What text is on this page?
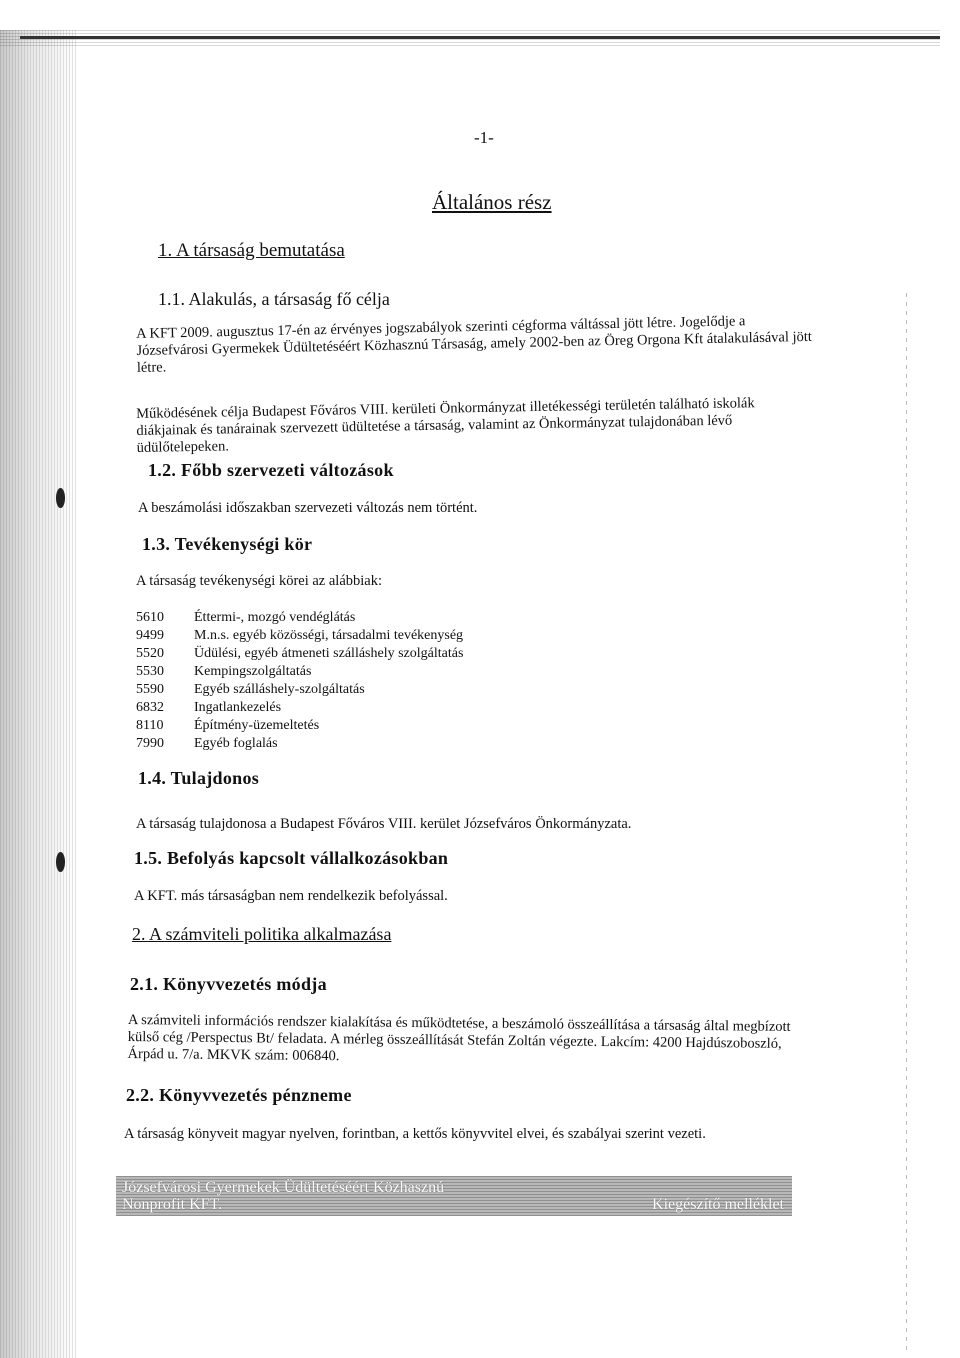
-1-
Általános rész
1. A társaság bemutatása
1.1. Alakulás, a társaság fő célja
A KFT 2009. augusztus 17-én az érvényes jogszabályok szerinti cégforma váltással jött létre. Jogelődje a Józsefvárosi Gyermekek Üdültetéséért Közhasznú Társaság, amely 2002-ben az Öreg Orgona Kft átalakulásával jött létre.
Működésének célja Budapest Főváros VIII. kerületi Önkormányzat illetékességi területén található iskolák diákjainak és tanárainak szervezett üdültetése a társaság, valamint az Önkormányzat tulajdonában lévő üdülőtelepeken.
1.2. Főbb szervezeti változások
A beszámolási időszakban szervezeti változás nem történt.
1.3. Tevékenységi kör
A társaság tevékenységi körei az alábbiak:
5610	Éttermi-, mozgó vendéglátás
9499	M.n.s. egyéb közösségi, társadalmi tevékenység
5520	Üdülési, egyéb átmeneti szálláshely szolgáltatás
5530	Kempingszolgáltatás
5590	Egyéb szálláshely-szolgáltatás
6832	Ingatlankezelés
8110	Építmény-üzemeltetés
7990	Egyéb foglalás
1.4. Tulajdonos
A társaság tulajdonosa a Budapest Főváros VIII. kerület Józsefváros Önkormányzata.
1.5. Befolyás kapcsolt vállalkozásokban
A KFT. más társaságban nem rendelkezik befolyással.
2. A számviteli politika alkalmazása
2.1. Könyvvezetés módja
A számviteli információs rendszer kialakítása és működtetése, a beszámoló összeállítása a társaság által megbízott külső cég /Perspectus Bt/ feladata. A mérleg összeállítását Stefán Zoltán végezte. Lakcím: 4200 Hajdúszoboszló, Árpád u. 7/a. MKVK szám: 006840.
2.2. Könyvvezetés pénzneme
A társaság könyveit magyar nyelven, forintban, a kettős könyvvitel elvei, és szabályai szerint vezeti.
Józsefvárosi Gyermekek Üdültetéséért Közhasznú
Nonprofit KFT.	Kiegészítő melléklet
